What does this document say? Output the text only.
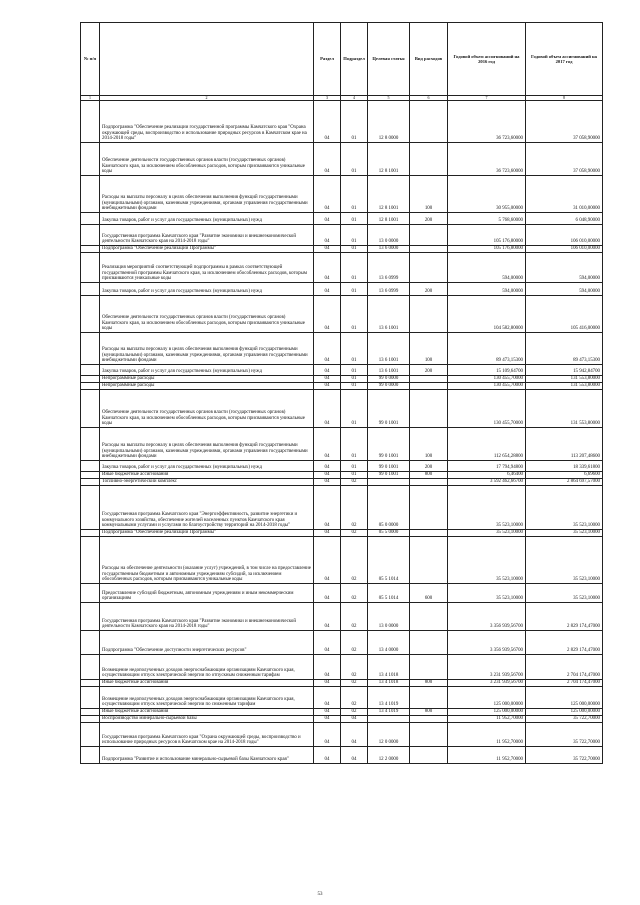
№ п/п		Раздел	Подраздел	Целевая статья	Вид расходов	Годовой объем ассигнований на 2016 год	Годовой объем ассигнований на 2017 год
1	2	3	4	5	6	7	8
	Подпрограмма "Обеспечение реализации государственной программы Камчатского края "Охрана окружающей среды, воспроизводство и использование природных ресурсов в Камчатском крае на 2014-2018 годы"	04	01	12 8 0000		36 723,60000	37 058,90000
	Обеспечение деятельности государственных органов власти (государственных органов) Камчатского края, за исключением обособленных расходов, которым присваиваются уникальные коды	04	01	12 8 1001		36 723,60000	37 058,90000
	Расходы на выплаты персоналу в целях обеспечения выполнения функций государственными (муниципальными) органами, казенными учреждениями, органами управления государственными внебюджетными фондами	04	01	12 8 1001	100	30 955,00000	31 010,00000
	Закупка товаров, работ и услуг для государственных (муниципальных) нужд	04	01	12 8 1001	200	5 768,60000	6 048,90000
	Государственная программа Камчатского края "Развитие экономики и внешнеэкономической деятельности Камчатского края на 2014-2018 годы"	04	01	13 0 0000		105 176,80000	106 010,00000
	Подпрограмма "Обеспечение реализации Программы"	04	01	13 6 0000		105 176,80000	106 010,00000
	Реализация мероприятий соответствующей подпрограммы в рамках соответствующей государственной программы Камчатского края, за исключением обособленных расходов, которым присваиваются уникальные коды	04	01	13 6 0999		594,00000	594,00000
	Закупка товаров, работ и услуг для государственных (муниципальных) нужд	04	01	13 6 0999	200	594,00000	594,00000
	Обеспечение деятельности государственных органов власти (государственных органов) Камчатского края, за исключением обособленных расходов, которым присваиваются уникальные коды	04	01	13 6 1001		104 582,80000	105 416,00000
	Расходы на выплаты персоналу в целях обеспечения выполнения функций государственными (муниципальными) органами, казенными учреждениями, органами управления государственными внебюджетными фондами	04	01	13 6 1001	100	89 473,15300	89 473,15300
	Закупка товаров, работ и услуг для государственных (муниципальных) нужд	04	01	13 6 1001	200	15 109,64700	15 942,84700
	Непрограммные расходы	04	01	99 0 0000		130 455,70000	131 553,80000
	Непрограммные расходы	04	01	99 0 0000		130 455,70000	131 553,80000
	Обеспечение деятельности государственных органов власти (государственных органов) Камчатского края, за исключением обособленных расходов, которым присваиваются уникальные коды	04	01	99 0 1001		130 455,70000	131 553,80000
	Расходы на выплаты персоналу в целях обеспечения выполнения функций государственными (муниципальными) органами, казенными учреждениями, органами управления государственными внебюджетными фондами	04	01	99 0 1001	100	112 654,28800	113 207,48600
	Закупка товаров, работ и услуг для государственных (муниципальных) нужд	04	01	99 0 1001	200	17 794,94800	18 339,61800
	Иные бюджетные ассигнования	04	01	99 0 1001	800	6,46400	6,69600
	Топливно-энергетический комплекс	04	02			3 592 462,66700	2 864 697,57000
	Государственная программа Камчатского края "Энергоэффективность, развитие энергетики и коммунального хозяйства, обеспечение жителей населенных пунктов Камчатского края коммунальными услугами и услугами по благоустройству территорий на 2014-2018 годы"	04	02	05 0 0000		35 523,10000	35 523,10000
	Подпрограмма "Обеспечение реализации Программы"	04	02	05 5 0000		35 523,10000	35 523,10000
	Расходы на обеспечение деятельности (оказание услуг) учреждений, в том числе на предоставление государственным бюджетным и автономным учреждениям субсидий, за исключением обособленных расходов, которым присваиваются уникальные коды	04	02	05 5 1014		35 523,10000	35 523,10000
	Предоставление субсидий бюджетным, автономным учреждениям и иным некоммерческим организациям	04	02	05 5 1014	600	35 523,10000	35 523,10000
	Государственная программа Камчатского края "Развитие экономики и внешнеэкономической деятельности Камчатского края на 2014-2018 годы"	04	02	13 0 0000		3 356 939,56700	2 829 174,47000
	Подпрограмма "Обеспечение доступности энергетических ресурсов"	04	02	13 4 0000		3 356 939,56700	2 829 174,47000
	Возмещение недополученных доходов энергоснабжающим организациям Камчатского края, осуществляющим отпуск электрической энергии по отпускным сниженным тарифам	04	02	13 4 1018		3 231 939,56700	2 704 174,47000
	Иные бюджетные ассигнования	04	02	13 4 1018	800	3 231 939,56700	2 704 174,47000
	Возмещение недополученных доходов энергоснабжающим организациям Камчатского края, осуществляющим отпуск электрической энергии по сниженным тарифам	04	02	13 4 1019		125 000,00000	125 000,00000
	Иные бюджетные ассигнования	04	02	13 4 1019	800	125 000,00000	125 000,00000
	Воспроизводство минерально-сырьевой базы	04	04			11 952,70000	35 722,70000
	Государственная программа Камчатского края "Охрана окружающей среды, воспроизводство и использование природных ресурсов в Камчатском крае на 2014-2018 годы"	04	04	12 0 0000		11 952,70000	35 722,70000
	Подпрограмма "Развитие и использование минерально-сырьевой базы Камчатского края"	04	04	12 2 0000		11 952,70000	35 722,70000
53
